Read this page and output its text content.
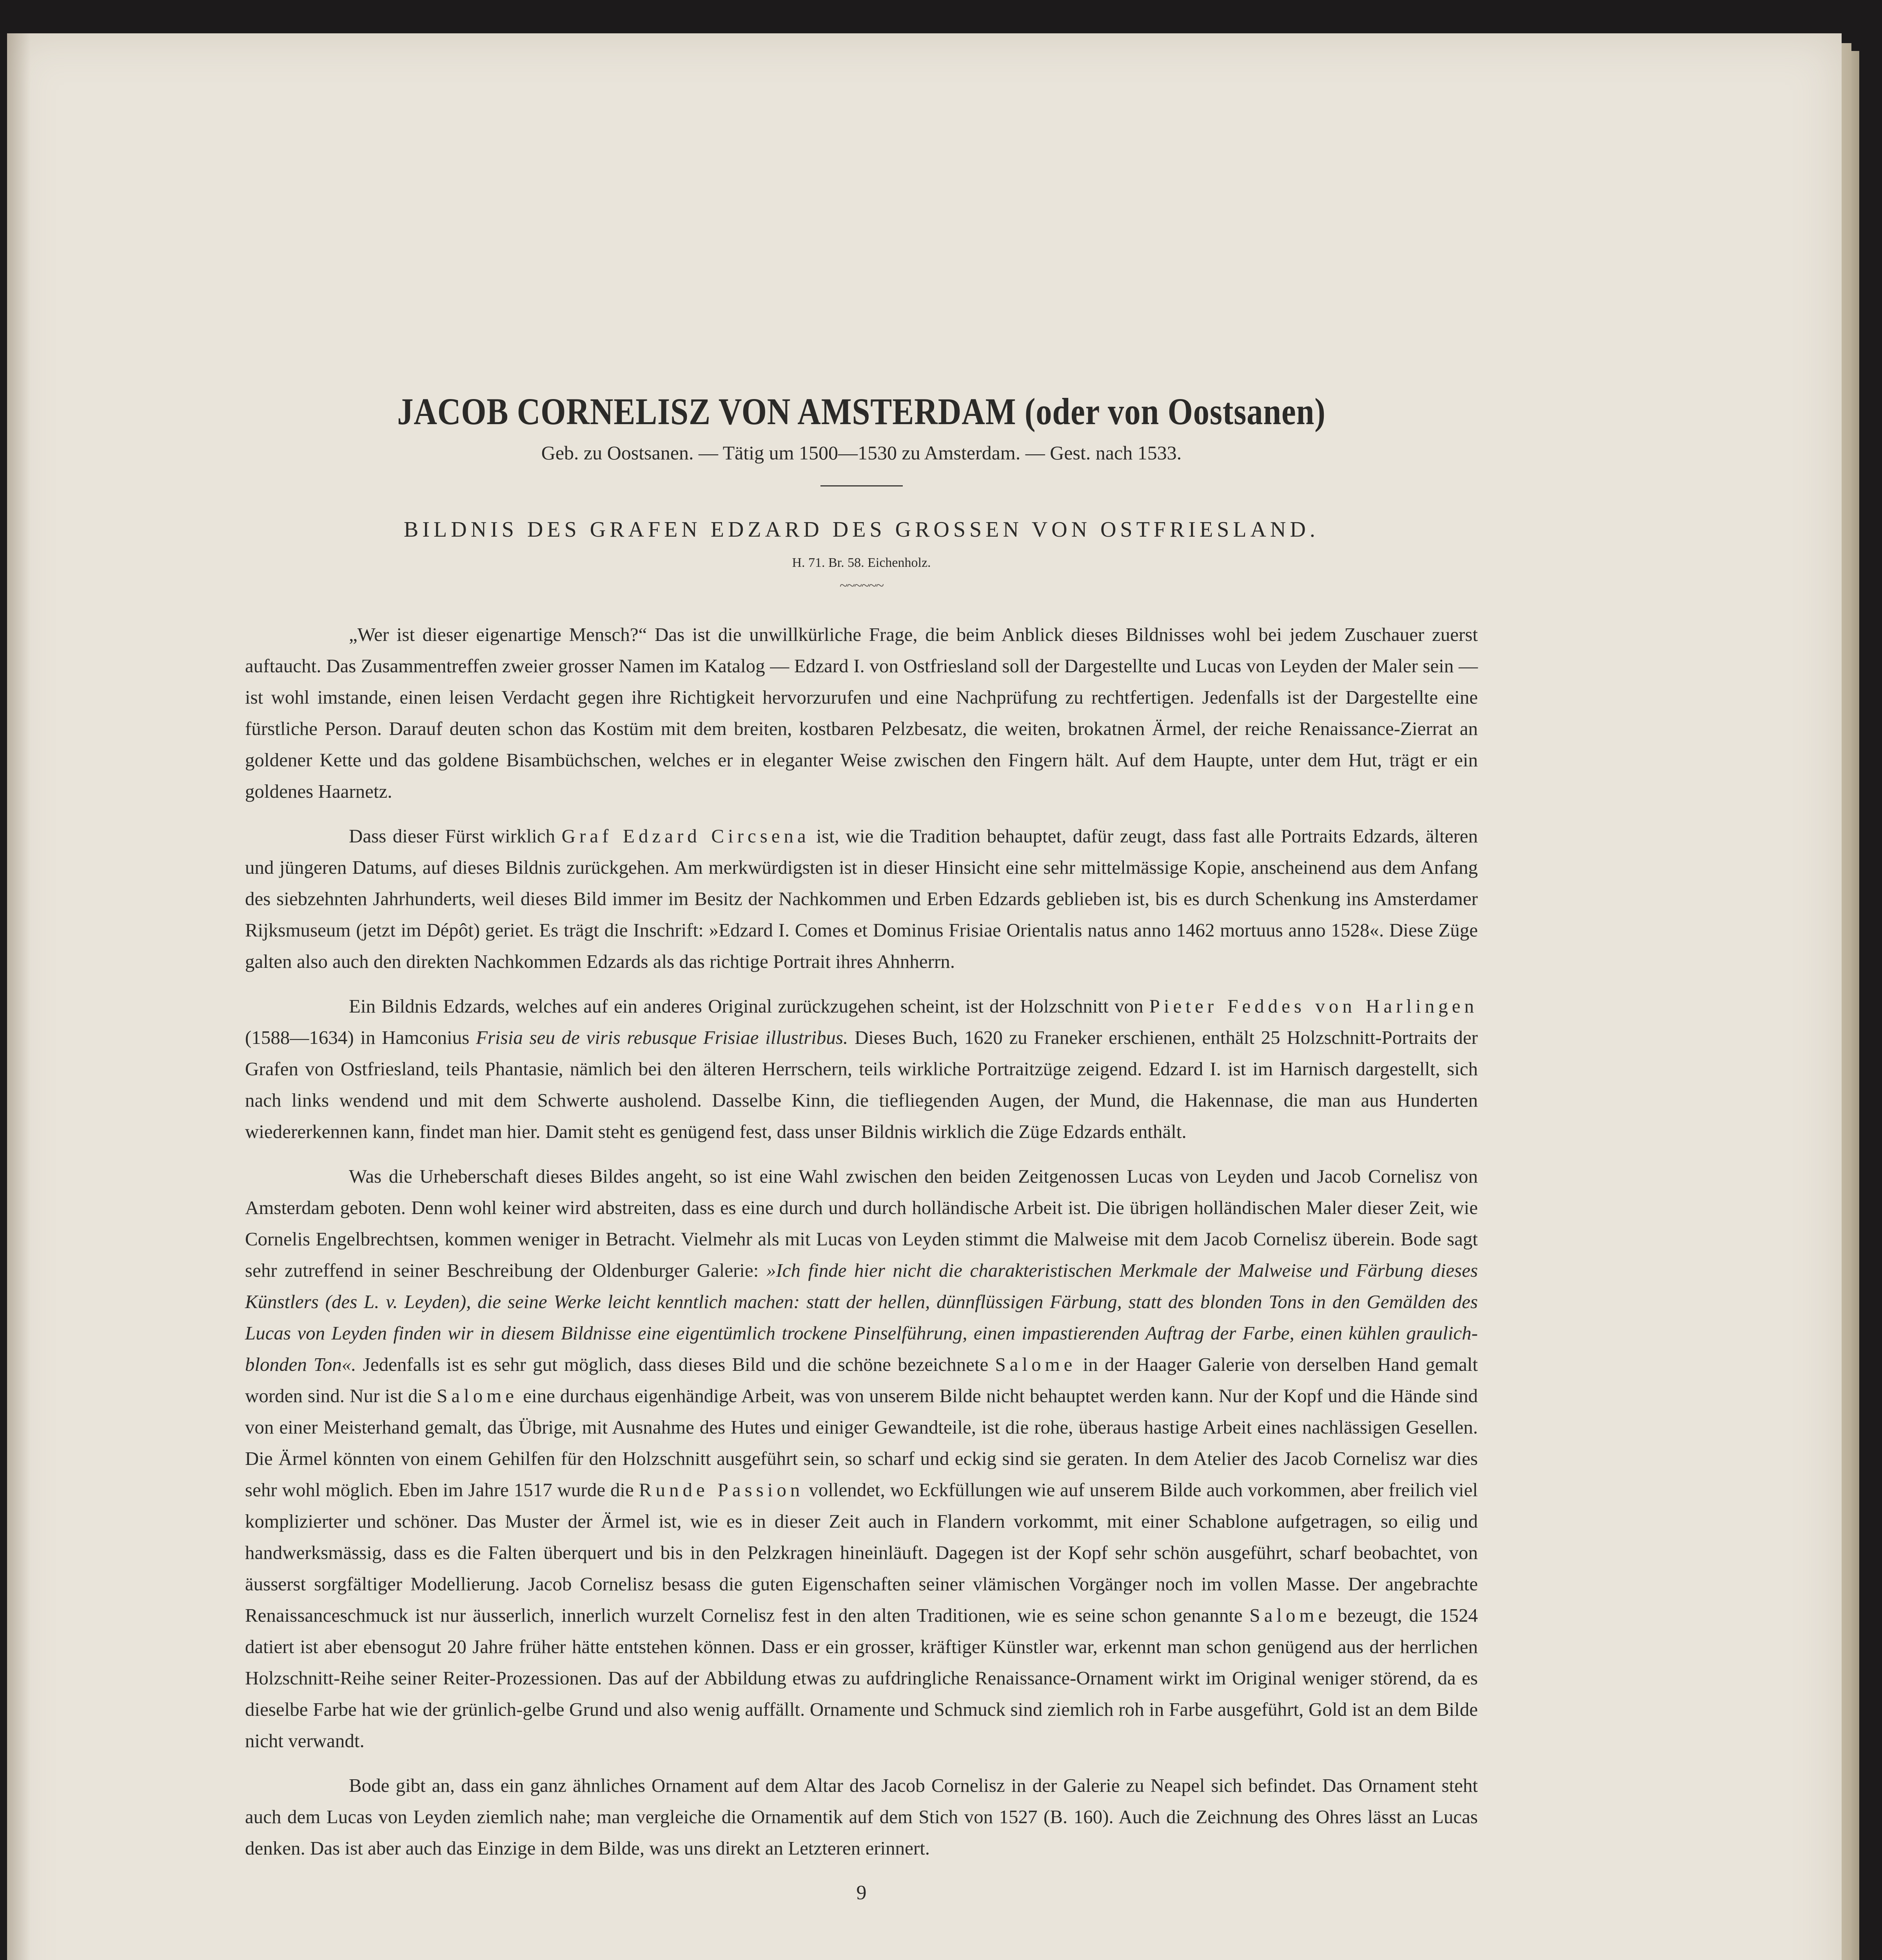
JACOB CORNELISZ VON AMSTERDAM (oder von Oostsanen)
Geb. zu Oostsanen. — Tätig um 1500—1530 zu Amsterdam. — Gest. nach 1533.
BILDNIS DES GRAFEN EDZARD DES GROSSEN VON OSTFRIESLAND.
H. 71. Br. 58. Eichenholz.
~~~~~~

„Wer ist dieser eigenartige Mensch?“ Das ist die unwillkürliche Frage, die beim Anblick dieses Bildnisses wohl bei jedem Zuschauer zuerst auftaucht. Das Zusammentreffen zweier grosser Namen im Katalog — Edzard I. von Ostfriesland soll der Dargestellte und Lucas von Leyden der Maler sein — ist wohl imstande, einen leisen Verdacht gegen ihre Richtigkeit hervorzurufen und eine Nachprüfung zu rechtfertigen. Jedenfalls ist der Dargestellte eine fürstliche Person. Darauf deuten schon das Kostüm mit dem breiten, kostbaren Pelzbesatz, die weiten, brokatnen Ärmel, der reiche Renaissance-Zierrat an goldener Kette und das goldene Bisambüchschen, welches er in eleganter Weise zwischen den Fingern hält. Auf dem Haupte, unter dem Hut, trägt er ein goldenes Haarnetz.

Dass dieser Fürst wirklich Graf Edzard Circsena ist, wie die Tradition behauptet, dafür zeugt, dass fast alle Portraits Edzards, älteren und jüngeren Datums, auf dieses Bildnis zurückgehen. Am merkwürdigsten ist in dieser Hinsicht eine sehr mittelmässige Kopie, anscheinend aus dem Anfang des siebzehnten Jahrhunderts, weil dieses Bild immer im Besitz der Nachkommen und Erben Edzards geblieben ist, bis es durch Schenkung ins Amsterdamer Rijksmuseum (jetzt im Dépôt) geriet. Es trägt die Inschrift: »Edzard I. Comes et Dominus Frisiae Orientalis natus anno 1462 mortuus anno 1528«. Diese Züge galten also auch den direkten Nachkommen Edzards als das richtige Portrait ihres Ahnherrn.

Ein Bildnis Edzards, welches auf ein anderes Original zurückzugehen scheint, ist der Holzschnitt von Pieter Feddes von Harlingen (1588—1634) in Hamconius Frisia seu de viris rebusque Frisiae illustribus. Dieses Buch, 1620 zu Franeker erschienen, enthält 25 Holzschnitt-Portraits der Grafen von Ostfriesland, teils Phantasie, nämlich bei den älteren Herrschern, teils wirkliche Portraitzüge zeigend. Edzard I. ist im Harnisch dargestellt, sich nach links wendend und mit dem Schwerte ausholend. Dasselbe Kinn, die tiefliegenden Augen, der Mund, die Hakennase, die man aus Hunderten wiedererkennen kann, findet man hier. Damit steht es genügend fest, dass unser Bildnis wirklich die Züge Edzards enthält.

Was die Urheberschaft dieses Bildes angeht, so ist eine Wahl zwischen den beiden Zeitgenossen Lucas von Leyden und Jacob Cornelisz von Amsterdam geboten. Denn wohl keiner wird abstreiten, dass es eine durch und durch holländische Arbeit ist. Die übrigen holländischen Maler dieser Zeit, wie Cornelis Engelbrechtsen, kommen weniger in Betracht. Vielmehr als mit Lucas von Leyden stimmt die Malweise mit dem Jacob Cornelisz überein. Bode sagt sehr zutreffend in seiner Beschreibung der Oldenburger Galerie: »Ich finde hier nicht die charakteristischen Merkmale der Malweise und Färbung dieses Künstlers (des L. v. Leyden), die seine Werke leicht kenntlich machen: statt der hellen, dünnflüssigen Färbung, statt des blonden Tons in den Gemälden des Lucas von Leyden finden wir in diesem Bildnisse eine eigentümlich trockene Pinselführung, einen impastierenden Auftrag der Farbe, einen kühlen graulich-blonden Ton«. Jedenfalls ist es sehr gut möglich, dass dieses Bild und die schöne bezeichnete Salome in der Haager Galerie von derselben Hand gemalt worden sind. Nur ist die Salome eine durchaus eigenhändige Arbeit, was von unserem Bilde nicht behauptet werden kann. Nur der Kopf und die Hände sind von einer Meisterhand gemalt, das Übrige, mit Ausnahme des Hutes und einiger Gewandteile, ist die rohe, überaus hastige Arbeit eines nachlässigen Gesellen. Die Ärmel könnten von einem Gehilfen für den Holzschnitt ausgeführt sein, so scharf und eckig sind sie geraten. In dem Atelier des Jacob Cornelisz war dies sehr wohl möglich. Eben im Jahre 1517 wurde die Runde Passion vollendet, wo Eckfüllungen wie auf unserem Bilde auch vorkommen, aber freilich viel komplizierter und schöner. Das Muster der Ärmel ist, wie es in dieser Zeit auch in Flandern vorkommt, mit einer Schablone aufgetragen, so eilig und handwerksmässig, dass es die Falten überquert und bis in den Pelzkragen hineinläuft. Dagegen ist der Kopf sehr schön ausgeführt, scharf beobachtet, von äusserst sorgfältiger Modellierung. Jacob Cornelisz besass die guten Eigenschaften seiner vlämischen Vorgänger noch im vollen Masse. Der angebrachte Renaissanceschmuck ist nur äusserlich, innerlich wurzelt Cornelisz fest in den alten Traditionen, wie es seine schon genannte Salome bezeugt, die 1524 datiert ist aber ebensogut 20 Jahre früher hätte entstehen können. Dass er ein grosser, kräftiger Künstler war, erkennt man schon genügend aus der herrlichen Holzschnitt-Reihe seiner Reiter-Prozessionen. Das auf der Abbildung etwas zu aufdringliche Renaissance-Ornament wirkt im Original weniger störend, da es dieselbe Farbe hat wie der grünlich-gelbe Grund und also wenig auffällt. Ornamente und Schmuck sind ziemlich roh in Farbe ausgeführt, Gold ist an dem Bilde nicht verwandt.

Bode gibt an, dass ein ganz ähnliches Ornament auf dem Altar des Jacob Cornelisz in der Galerie zu Neapel sich befindet. Das Ornament steht auch dem Lucas von Leyden ziemlich nahe; man vergleiche die Ornamentik auf dem Stich von 1527 (B. 160). Auch die Zeichnung des Ohres lässt an Lucas denken. Das ist aber auch das Einzige in dem Bilde, was uns direkt an Letzteren erinnert.

9
